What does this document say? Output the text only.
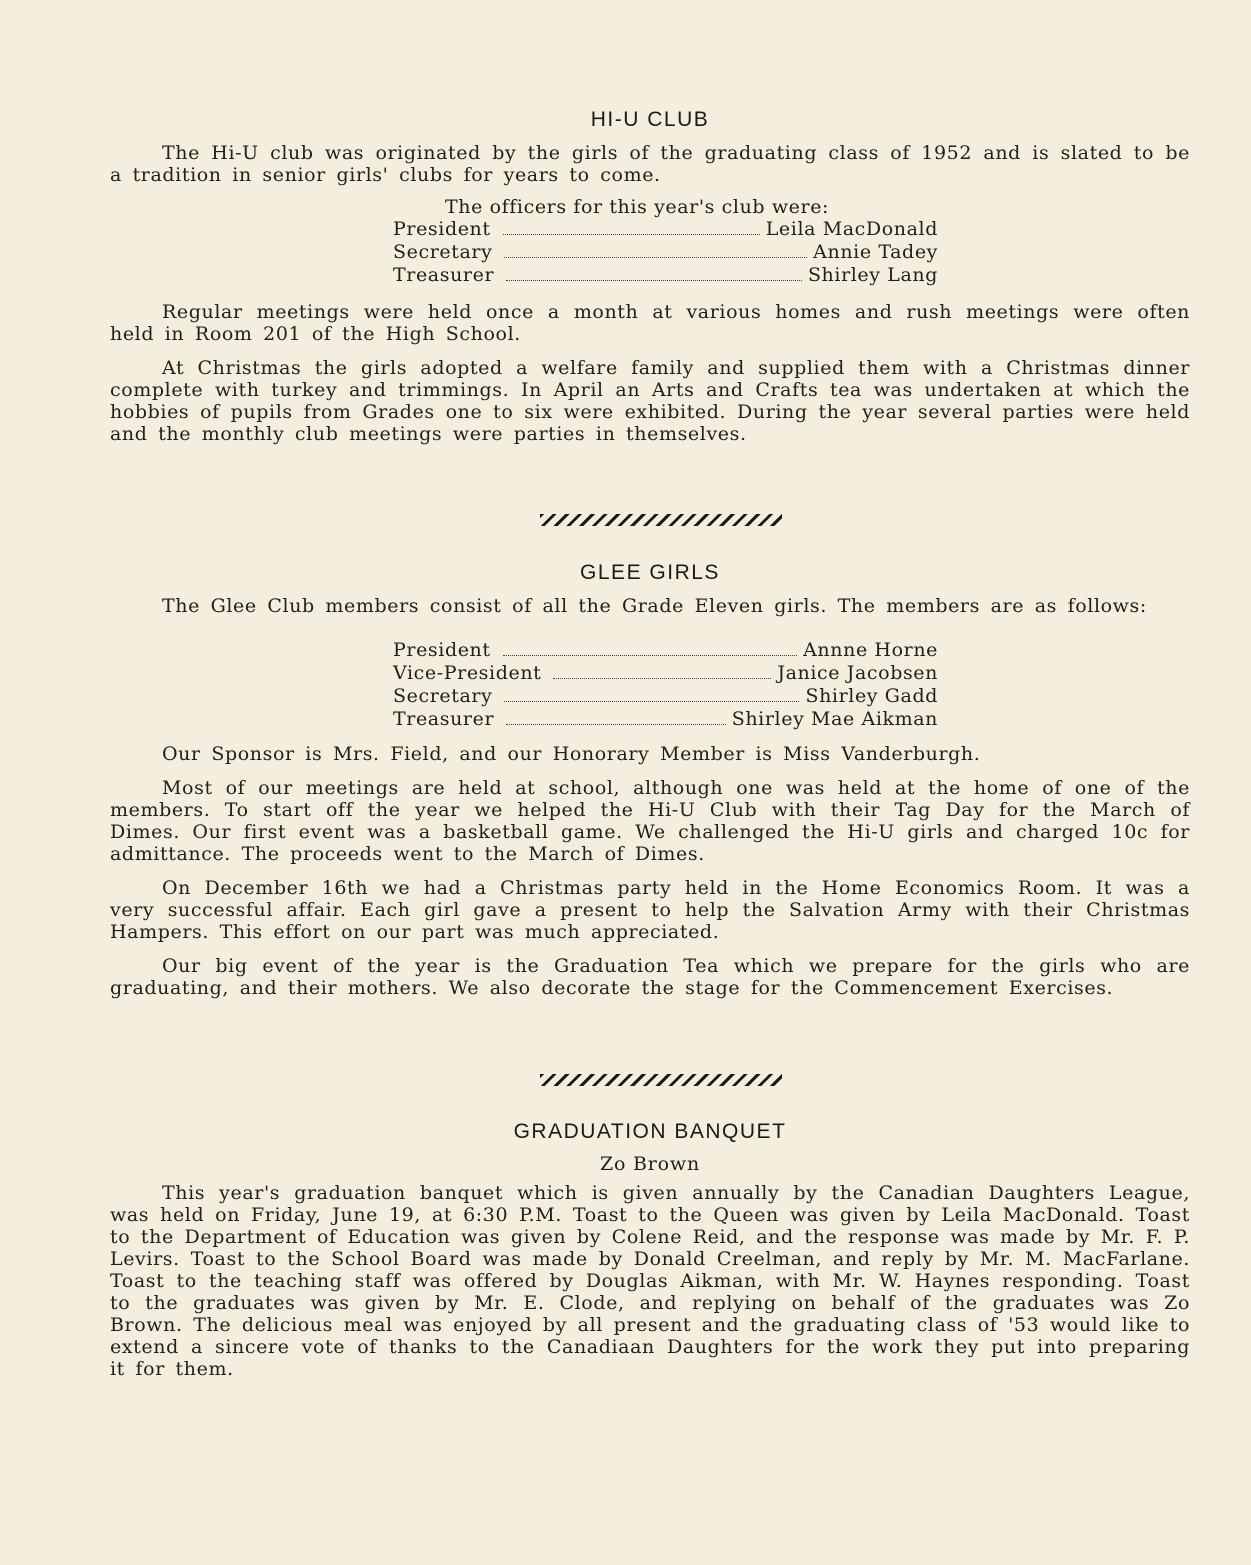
HI-U CLUB

The Hi-U club was originated by the girls of the graduating class of 1952 and is slated to be a tradition in senior girls' clubs for years to come.

The officers for this year's club were:
President	Leila MacDonald
Secretary	Annie Tadey
Treasurer	Shirley Lang

Regular meetings were held once a month at various homes and rush meetings were often held in Room 201 of the High School.

At Christmas the girls adopted a welfare family and supplied them with a Christmas dinner complete with turkey and trimmings. In April an Arts and Crafts tea was undertaken at which the hobbies of pupils from Grades one to six were exhibited. During the year several parties were held and the monthly club meetings were parties in themselves.

GLEE GIRLS

The Glee Club members consist of all the Grade Eleven girls. The members are as follows:

President	Annne Horne
Vice-President	Janice Jacobsen
Secretary	Shirley Gadd
Treasurer	Shirley Mae Aikman

Our Sponsor is Mrs. Field, and our Honorary Member is Miss Vanderburgh.

Most of our meetings are held at school, although one was held at the home of one of the members. To start off the year we helped the Hi-U Club with their Tag Day for the March of Dimes. Our first event was a basketball game. We challenged the Hi-U girls and charged 10c for admittance. The proceeds went to the March of Dimes.

On December 16th we had a Christmas party held in the Home Economics Room. It was a very successful affair. Each girl gave a present to help the Salvation Army with their Christmas Hampers. This effort on our part was much appreciated.

Our big event of the year is the Graduation Tea which we prepare for the girls who are graduating, and their mothers. We also decorate the stage for the Commencement Exercises.

GRADUATION BANQUET
Zo Brown

This year's graduation banquet which is given annually by the Canadian Daughters League, was held on Friday, June 19, at 6:30 P.M. Toast to the Queen was given by Leila MacDonald. Toast to the Department of Education was given by Colene Reid, and the response was made by Mr. F. P. Levirs. Toast to the School Board was made by Donald Creelman, and reply by Mr. M. MacFarlane. Toast to the teaching staff was offered by Douglas Aikman, with Mr. W. Haynes responding. Toast to the graduates was given by Mr. E. Clode, and replying on behalf of the graduates was Zo Brown. The delicious meal was enjoyed by all present and the graduating class of '53 would like to extend a sincere vote of thanks to the Canadiaan Daughters for the work they put into preparing it for them.
